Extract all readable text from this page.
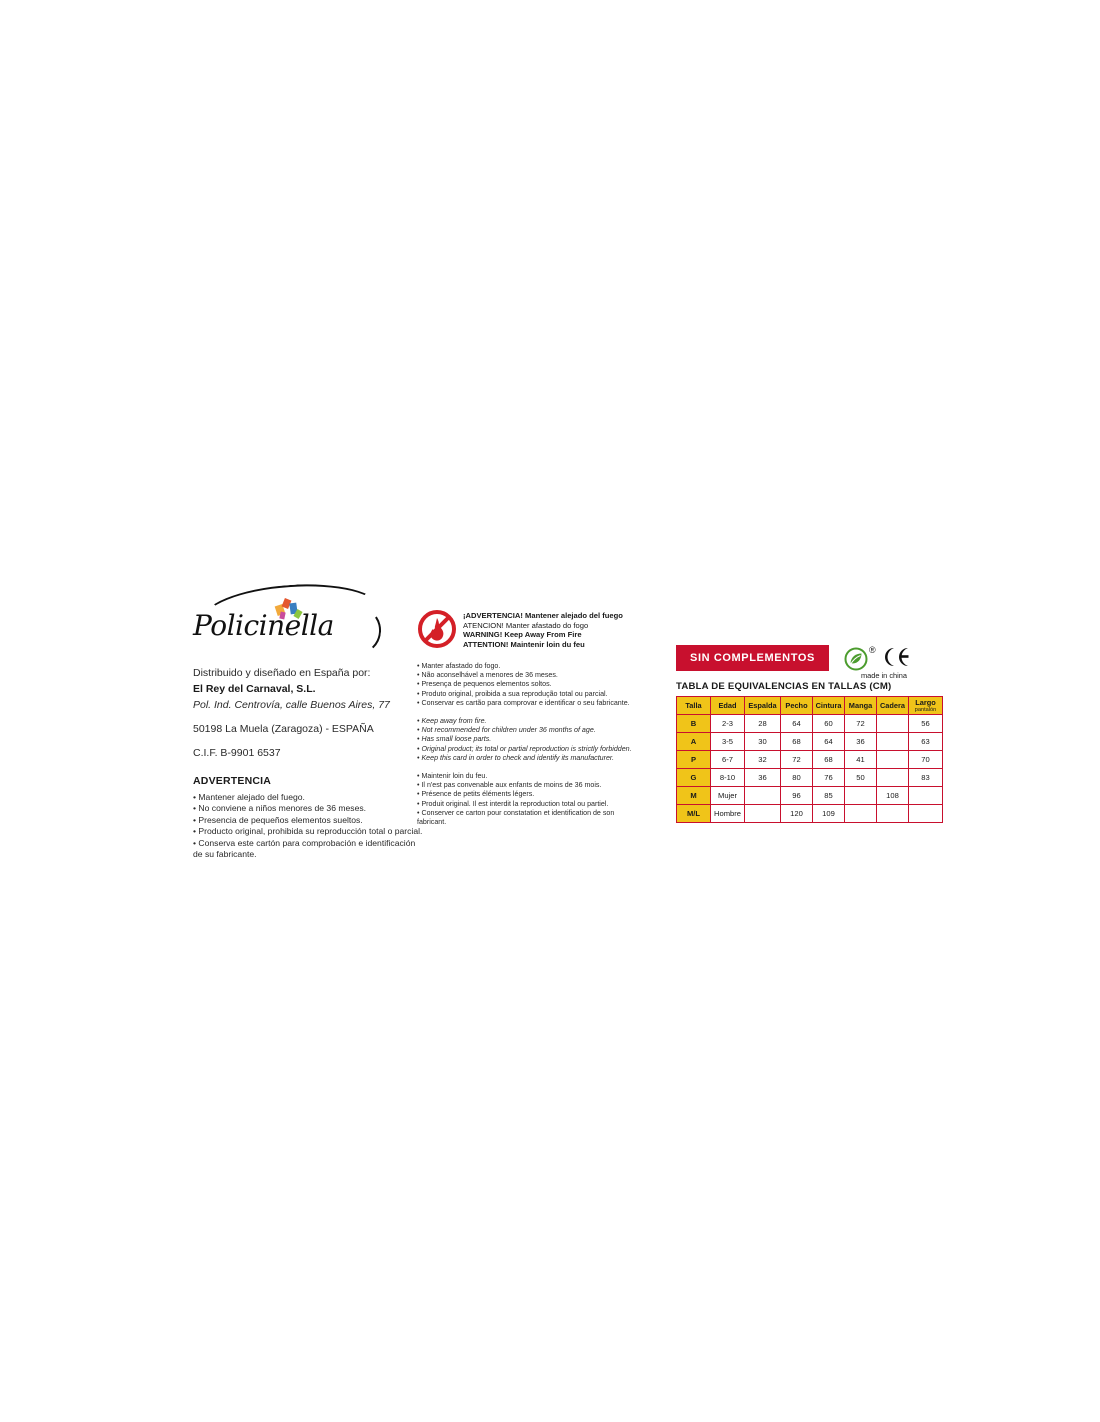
Policinella
Distribuido y diseñado en España por:
El Rey del Carnaval, S.L.
Pol. Ind. Centrovía, calle Buenos Aires, 77
50198 La Muela (Zaragoza) - ESPAÑA
C.I.F. B-9901 6537
ADVERTENCIA
• Mantener alejado del fuego.
• No conviene a niños menores de 36 meses.
• Presencia de pequeños elementos sueltos.
• Producto original, prohibida su reproducción total o parcial.
• Conserva este cartón para comprobación e identificación
de su fabricante.
¡ADVERTENCIA! Mantener alejado del fuego
ATENCION! Manter afastado do fogo
WARNING! Keep Away From Fire
ATTENTION! Maintenir loin du feu
• Manter afastado do fogo.
• Não aconselhável a menores de 36 meses.
• Presença de pequenos elementos soltos.
• Produto original, proibida a sua reprodução total ou parcial.
• Conservar es cartão para comprovar e identificar o seu fabricante.
• Keep away from fire.
• Not recommended for children under 36 months of age.
• Has small loose parts.
• Original product; its total or partial reproduction is strictly forbidden.
• Keep this card in order to check and identify its manufacturer.
• Maintenir loin du feu.
• Il n'est pas convenable aux enfants de moins de 36 mois.
• Présence de petits éléments légers.
• Produit original. Il est interdit la reproduction total ou partiel.
• Conserver ce carton pour constatation et identification de son
fabricant.
SIN COMPLEMENTOS
®
made in china
TABLA DE EQUIVALENCIAS EN TALLAS (CM)
Talla	Edad	Espalda	Pecho	Cintura	Manga	Cadera	Largo
pantalón

B	2-3	28	64	60	72		56
A	3-5	30	68	64	36		63
P	6-7	32	72	68	41		70
G	8-10	36	80	76	50		83
M	Mujer		96	85		108	
M/L	Hombre		120	109			
